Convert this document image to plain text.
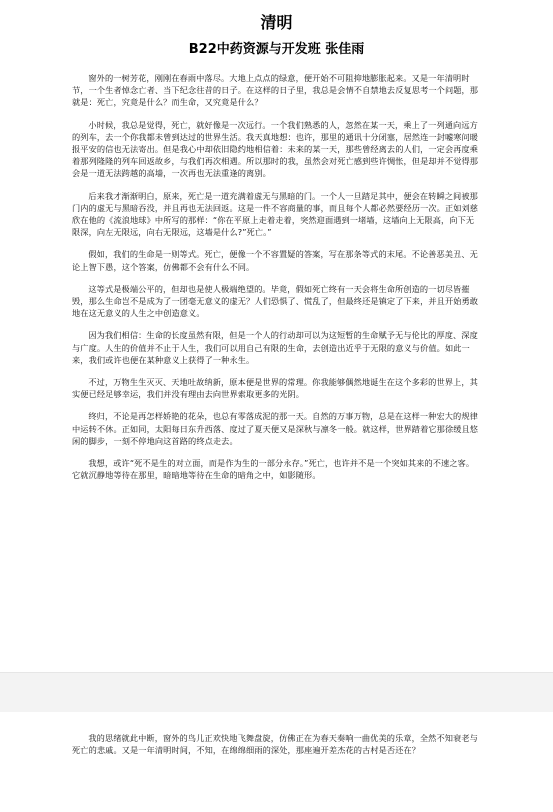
清明
B22中药资源与开发班 张佳雨

窗外的一树芳花，刚刚在春雨中落尽。大地上点点的绿意，便开始不可阻抑地膨胀起来。又是一年清明时节，一个生者悼念亡者、当下纪念往昔的日子。在这样的日子里，我总是会情不自禁地去反复思考一个问题，那就是：死亡，究竟是什么？而生命，又究竟是什么？

小时候，我总是觉得，死亡，就好像是一次远行。一个我们熟悉的人，忽然在某一天，乘上了一列通向远方的列车，去一个你我都未曾到达过的世界生活。我天真地想：也许，那里的通讯十分闭塞，居然连一封嘘寒问暖报平安的信也无法寄出。但是我心中却依旧隐约地相信着：未来的某一天，那些曾经离去的人们，一定会再度乘着那列隆隆的列车回返故乡，与我们再次相遇。所以那时的我，虽然会对死亡感到些许惆怅，但是却并不觉得那会是一道无法跨越的高墙，一次再也无法重逢的离别。

后来我才渐渐明白，原来，死亡是一道充满着虚无与黑暗的门。一个人一旦踏足其中，便会在转瞬之间被那门内的虚无与黑暗吞没，并且再也无法回返。这是一件不容商量的事，而且每个人都必然要经历一次。正如刘慈欣在他的《流浪地球》中所写的那样：“你在平原上走着走着，突然迎面遇到一堵墙，这墙向上无限高，向下无限深，向左无限远，向右无限远，这墙是什么?”死亡。”

假如，我们的生命是一则等式。死亡，便像一个不容置疑的答案，写在那条等式的末尾。不论善恶美丑、无论上智下愚，这个答案，仿佛都不会有什么不同。

这等式是极端公平的，但却也是使人极端绝望的。毕竟，假如死亡终有一天会将生命所创造的一切尽皆摧毁，那么生命岂不是成为了一团毫无意义的虚无？人们恐惧了、慌乱了，但最终还是镇定了下来，并且开始勇敢地在这无意义的人生之中创造意义。

因为我们相信：生命的长度虽然有限，但是一个人的行动却可以为这短暂的生命赋予无与伦比的厚度、深度与广度。人生的价值并不止于人生，我们可以用自己有限的生命，去创造出近乎于无限的意义与价值。如此一来，我们或许也便在某种意义上获得了一种永生。

不过，万物生生灭灭、天地吐故纳新，原本便是世界的常理。你我能够偶然地诞生在这个多彩的世界上，其实便已经足够幸运，我们并没有理由去向世界索取更多的光阴。

终归，不论是再怎样娇艳的花朵，也总有零落成泥的那一天。自然的万事万物，总是在这样一种宏大的规律中运转不休。正如同，太阳每日东升西落、度过了夏天便又是深秋与凛冬一般。就这样，世界踏着它那徐缓且悠闲的脚步，一刻不停地向这首路的终点走去。

我想，或许“死不是生的对立面，而是作为生的一部分永存。”死亡，也许并不是一个突如其来的不速之客。它就沉静地等待在那里，暗暗地等待在生命的暗角之中，如影随形。

我的思绪就此中断，窗外的鸟儿正欢快地飞舞盘旋，仿佛正在为春天奏响一曲优美的乐章，全然不知衰老与死亡的悲戚。又是一年清明时间，不知，在绵绵细雨的深处，那座遍开差杰花的古村是否还在？
